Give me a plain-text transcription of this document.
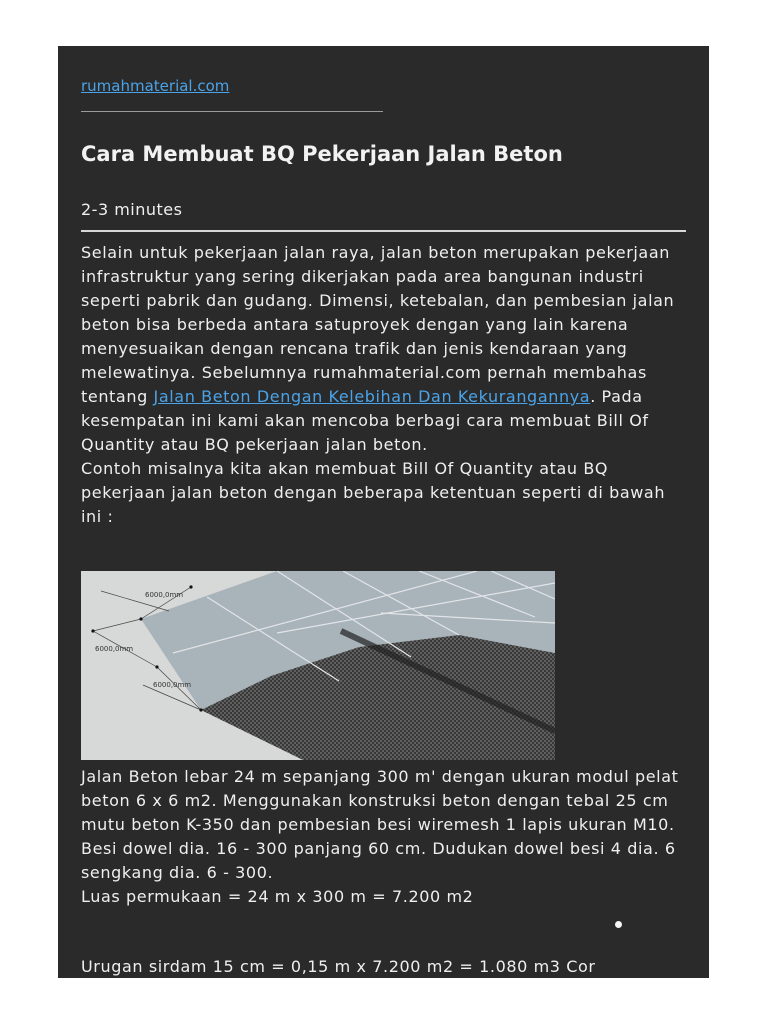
rumahmaterial.com
Cara Membuat BQ Pekerjaan Jalan Beton
2-3 minutes

Selain untuk pekerjaan jalan raya, jalan beton merupakan pekerjaan infrastruktur yang sering dikerjakan pada area bangunan industri seperti pabrik dan gudang. Dimensi, ketebalan, dan pembesian jalan beton bisa berbeda antara satuproyek dengan yang lain karena menyesuaikan dengan rencana trafik dan jenis kendaraan yang melewatinya. Sebelumnya rumahmaterial.com pernah membahas tentang Jalan Beton Dengan Kelebihan Dan Kekurangannya. Pada kesempatan ini kami akan mencoba berbagi cara membuat Bill Of Quantity atau BQ pekerjaan jalan beton.

Contoh misalnya kita akan membuat Bill Of Quantity atau BQ pekerjaan jalan beton dengan beberapa ketentuan seperti di bawah ini :

6000,0mm
6000,0mm
6000,0mm

Jalan Beton lebar 24 m sepanjang 300 m' dengan ukuran modul pelat beton 6 x 6 m2. Menggunakan konstruksi beton dengan tebal 25 cm mutu beton K-350 dan pembesian besi wiremesh 1 lapis ukuran M10. Besi dowel dia. 16 - 300 panjang 60 cm. Dudukan dowel besi 4 dia. 6 sengkang dia. 6 - 300.

Luas permukaan = 24 m x 300 m = 7.200 m2

Urugan sirdam 15 cm = 0,15 m x 7.200 m2 = 1.080 m3 Cor
